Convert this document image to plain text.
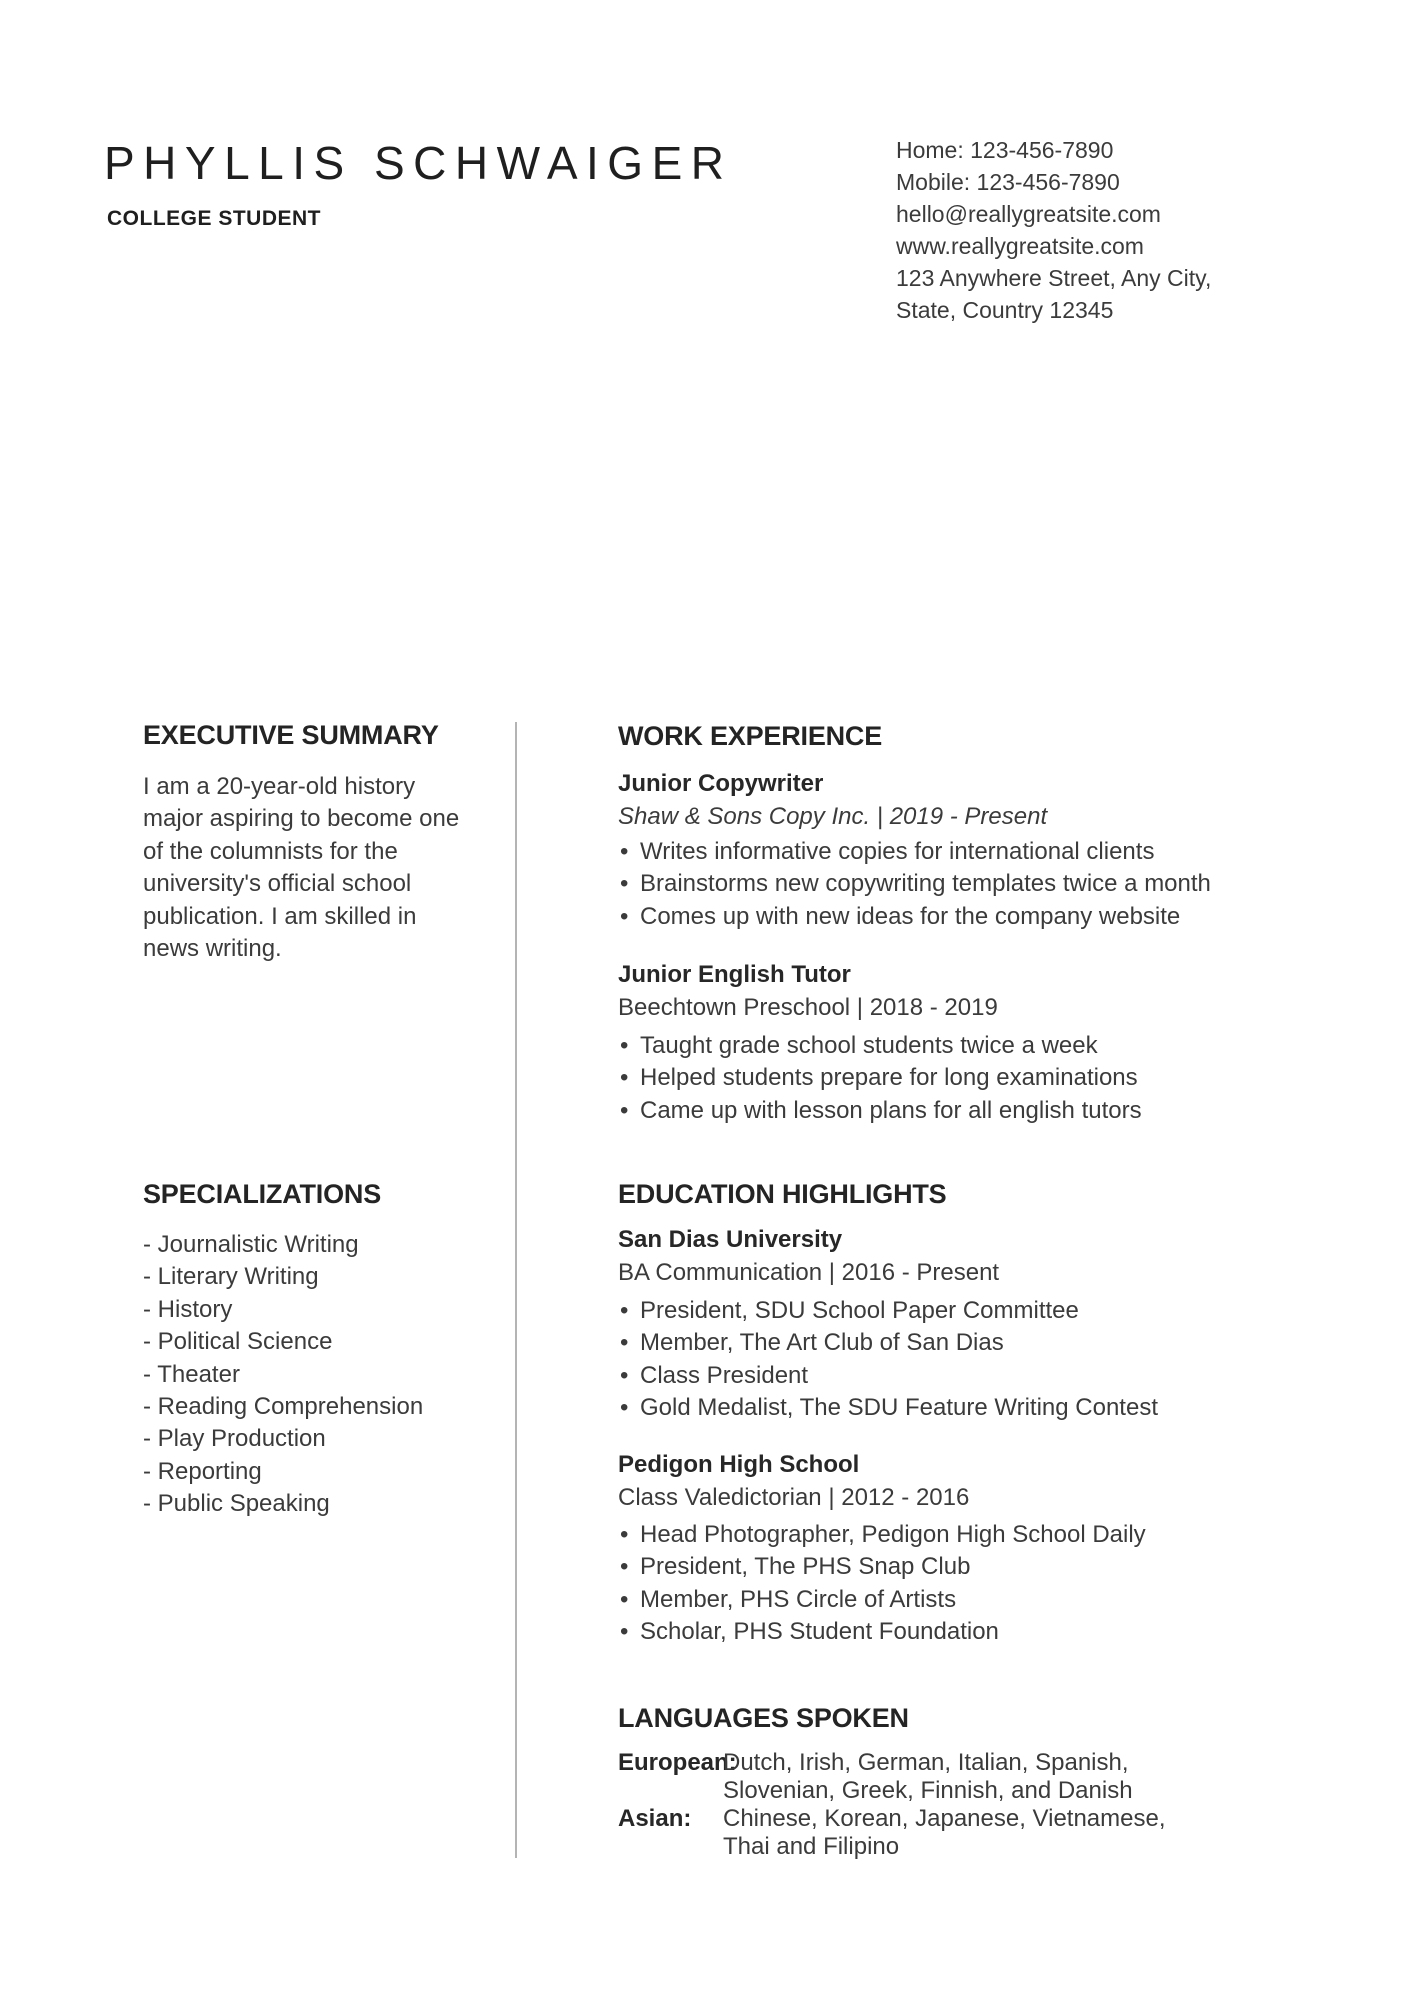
PHYLLIS SCHWAIGER
COLLEGE STUDENT
Home: 123-456-7890
Mobile: 123-456-7890
hello@reallygreatsite.com
www.reallygreatsite.com
123 Anywhere Street, Any City,
State, Country 12345
EXECUTIVE SUMMARY
I am a 20-year-old history
major aspiring to become one
of the columnists for the
university's official school
publication. I am skilled in
news writing.
SPECIALIZATIONS
- Journalistic Writing
- Literary Writing
- History
- Political Science
- Theater
- Reading Comprehension
- Play Production
- Reporting
- Public Speaking
WORK EXPERIENCE
Junior Copywriter
Shaw & Sons Copy Inc. | 2019 - Present
•
Writes informative copies for international clients
•
Brainstorms new copywriting templates twice a month
•
Comes up with new ideas for the company website
Junior English Tutor
Beechtown Preschool | 2018 - 2019
•
Taught grade school students twice a week
•
Helped students prepare for long examinations
•
Came up with lesson plans for all english tutors
EDUCATION HIGHLIGHTS
San Dias University
BA Communication | 2016 - Present
•
President, SDU School Paper Committee
•
Member, The Art Club of San Dias
•
Class President
•
Gold Medalist, The SDU Feature Writing Contest
Pedigon High School
Class Valedictorian | 2012 - 2016
•
Head Photographer, Pedigon High School Daily
•
President, The PHS Snap Club
•
Member, PHS Circle of Artists
•
Scholar, PHS Student Foundation
LANGUAGES SPOKEN
European:
Dutch, Irish, German, Italian, Spanish,
Slovenian, Greek, Finnish, and Danish
Asian:	Chinese, Korean, Japanese, Vietnamese,
Thai and Filipino
